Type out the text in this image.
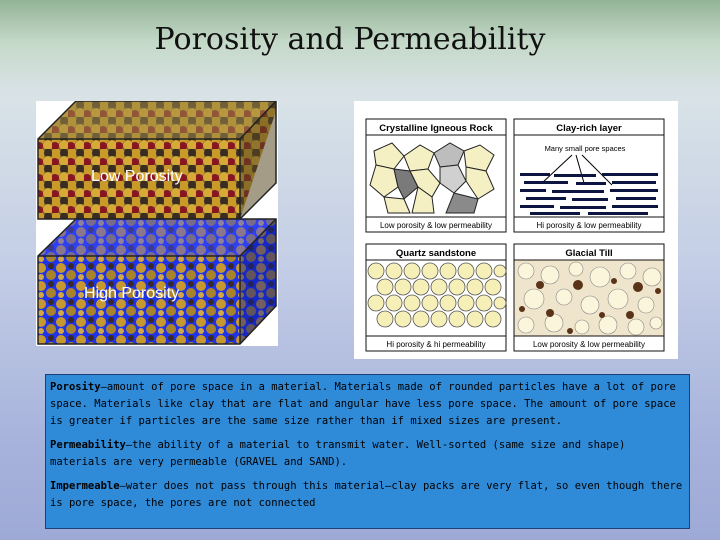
Porosity and Permeability
Low Porosity
High Porosity
Crystalline Igneous Rock
Low porosity & low permeability
Clay-rich layer
Many small pore spaces
Hi porosity & low permeability
Quartz sandstone
Hi porosity & hi permeability
Glacial Till
Low porosity & low permeability

Porosity—amount of pore space in a material. Materials made of rounded particles have a lot of pore space. Materials like clay that are flat and angular have less pore space. The amount of pore space is greater if particles are the same size rather than if mixed sizes are present.

Permeability—the ability of a material to transmit water. Well-sorted (same size and shape) materials are very permeable (GRAVEL and SAND).

Impermeable—water does not pass through this material—clay packs are very flat, so even though there is pore space, the pores are not connected
